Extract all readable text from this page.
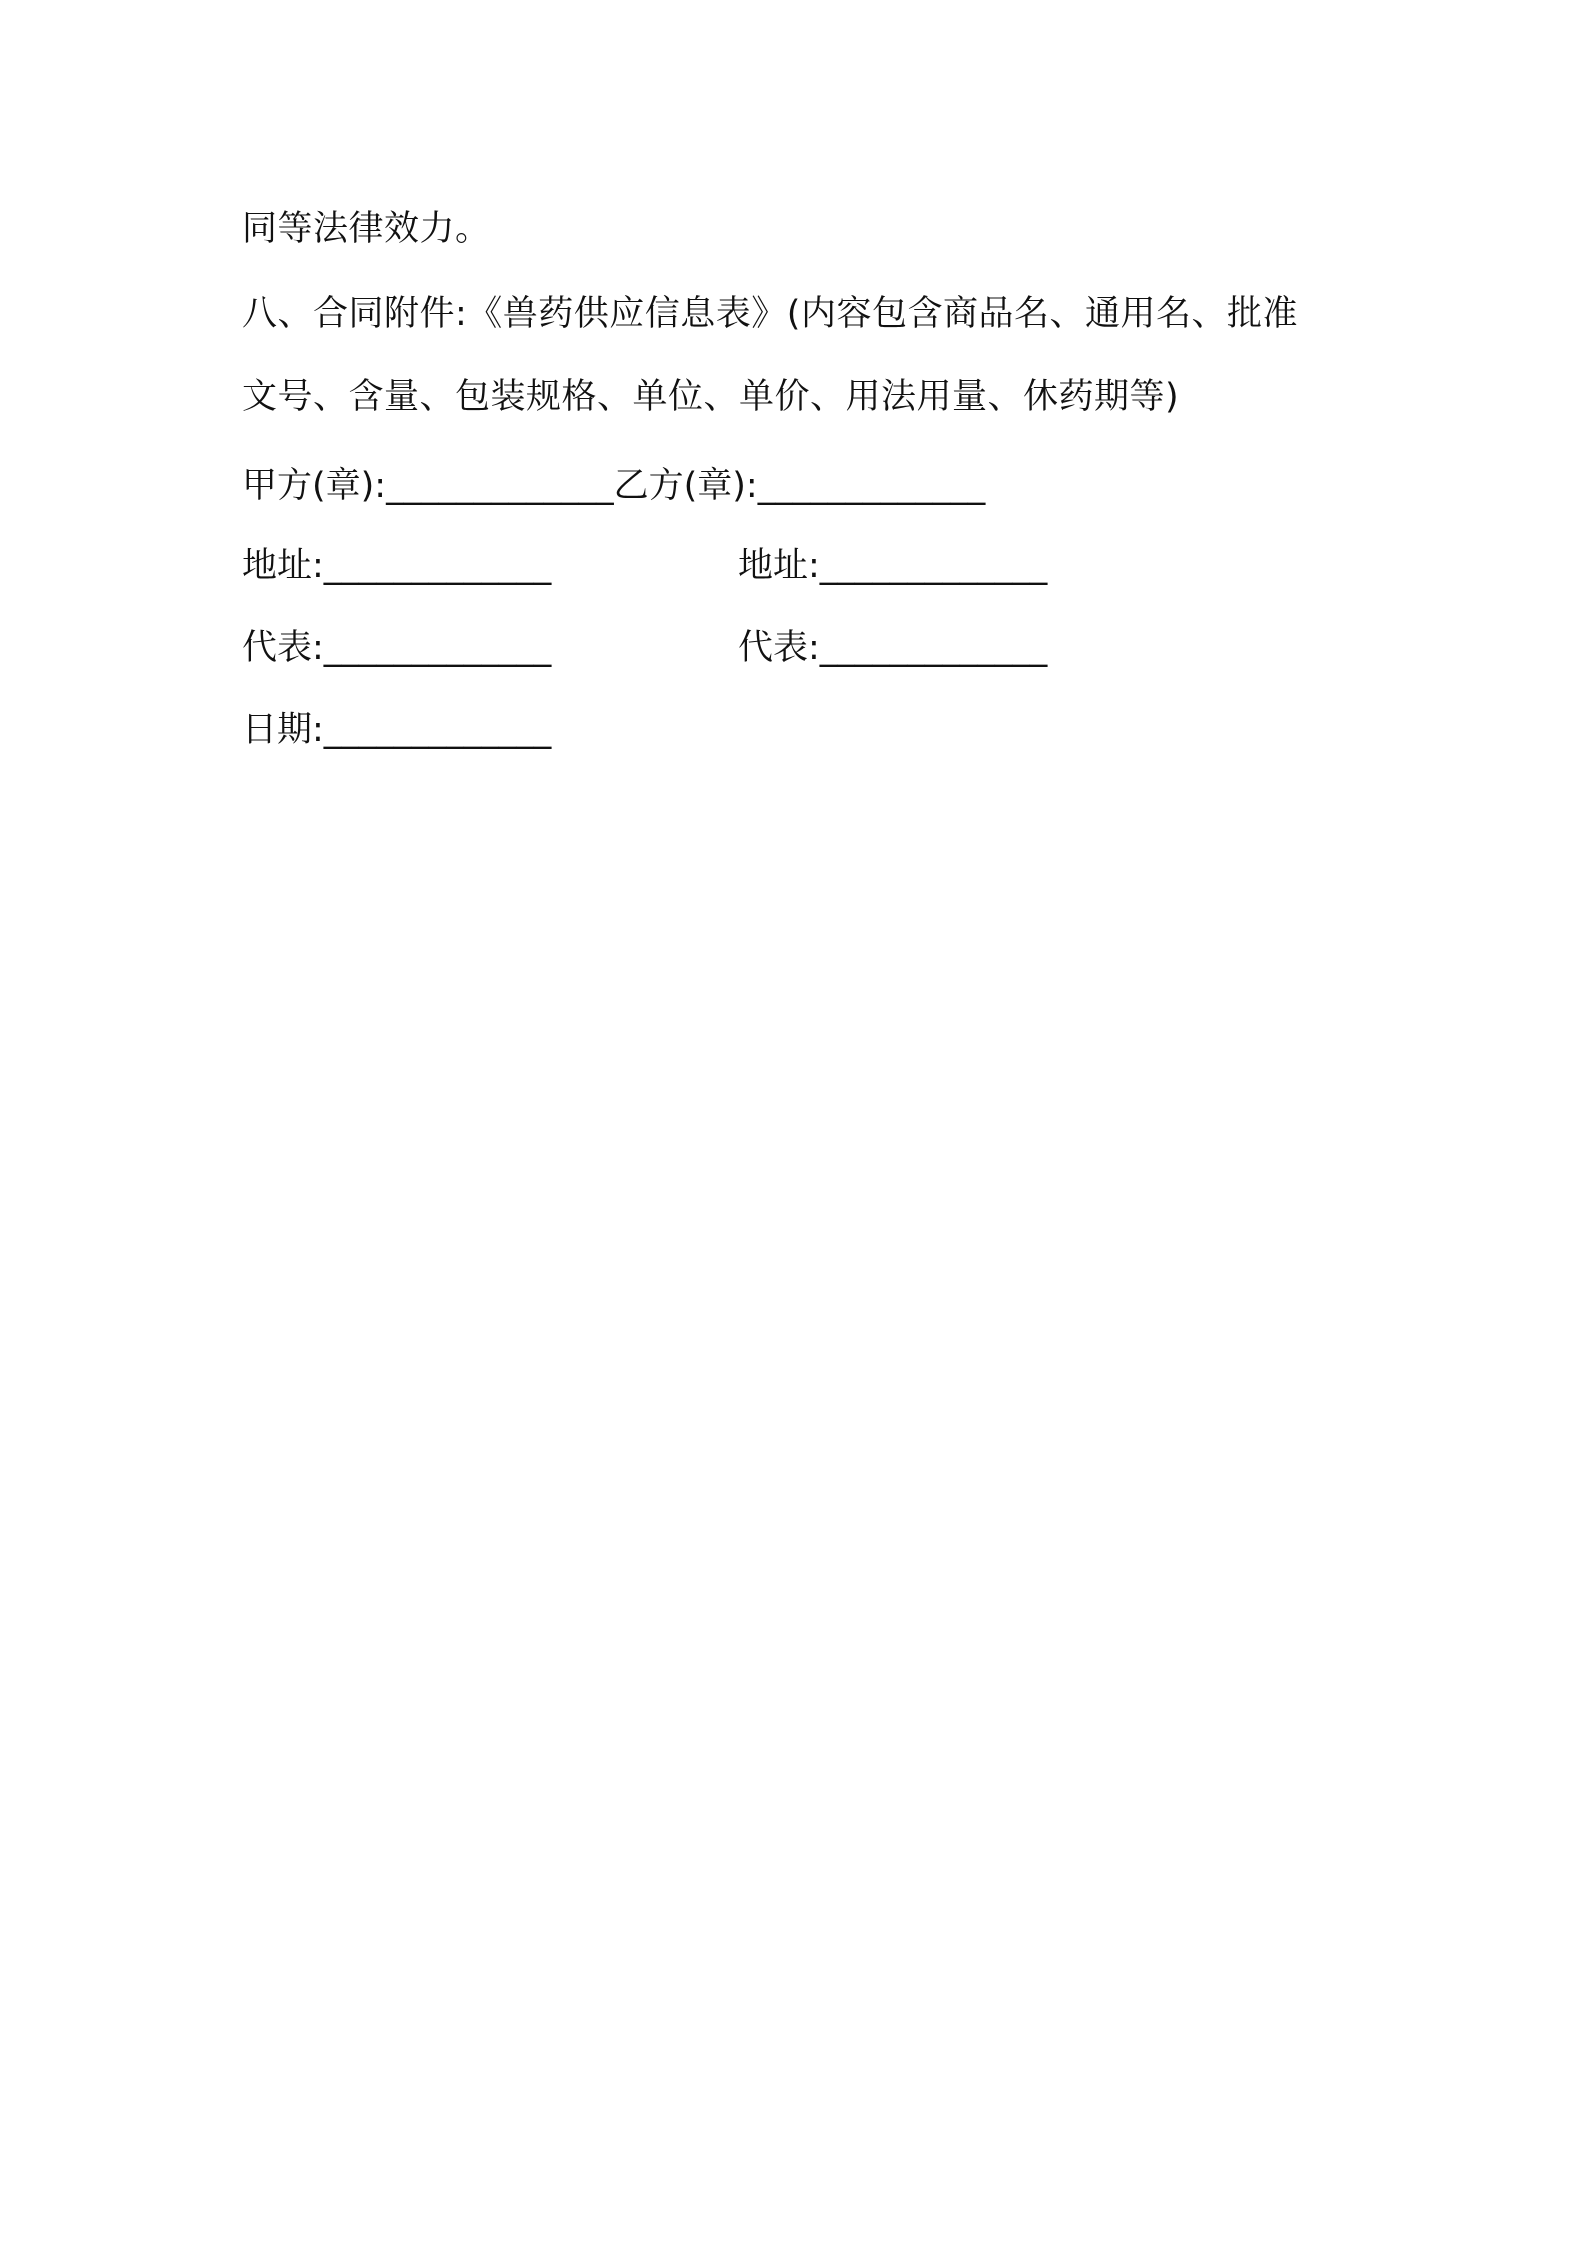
同等法律效力。
八、合同附件:《兽药供应信息表》(内容包含商品名、通用名、批准
文号、含量、包装规格、单位、单价、用法用量、休药期等)
甲方(章):_____________乙方(章):_____________
地址:_____________	地址:_____________
代表:_____________	代表:_____________
日期:_____________
